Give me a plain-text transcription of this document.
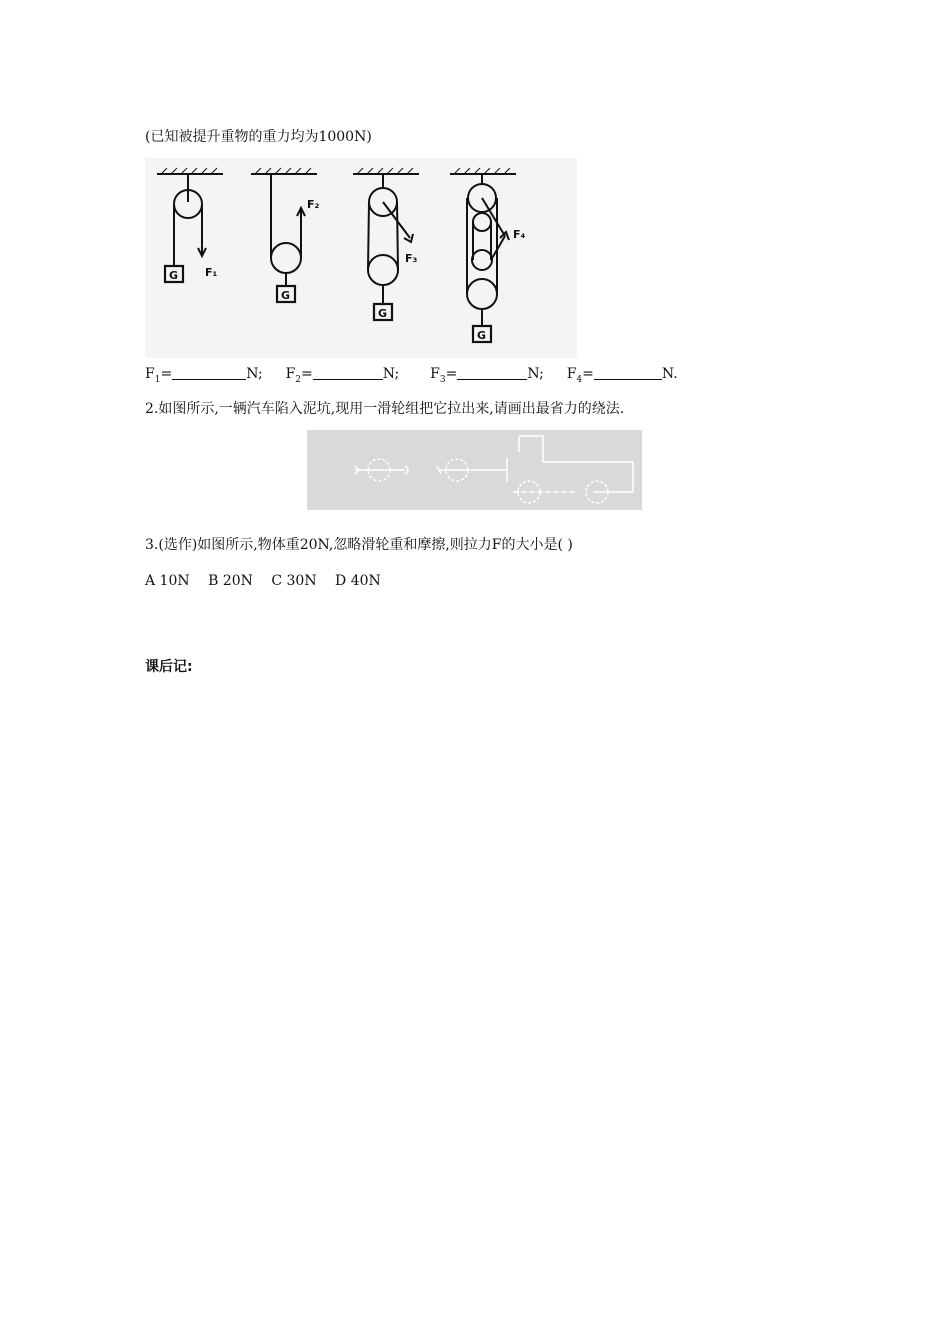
(已知被提升重物的重力均为1000N)
G
G
G
G
F₁
F₂
F₃
F₄
$F_1=$	N; $F_2=$	N; $F_3=$	N; $F_4=$	N.
2.如图所示,一辆汽车陷入泥坑,现用一滑轮组把它拉出来,请画出最省力的绕法.
3.(选作)如图所示,物体重20N,忽略滑轮重和摩擦,则拉力F的大小是( )
A 10N B 20N C 30N D 40N
课后记:
